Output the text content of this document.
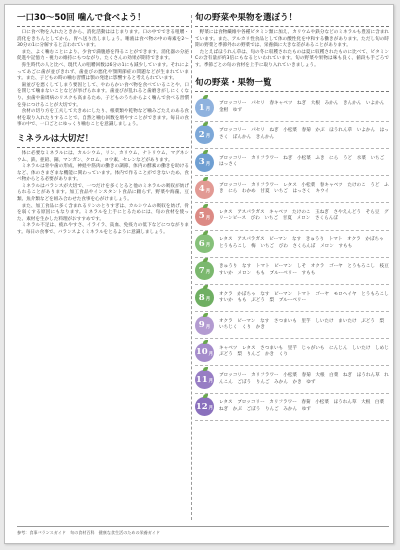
一口30～50回 噛んで食べよう！

口に食べ物を入れたときから、消化活動ははじまります。口の中でできる咀嚼・消化をきちんとしてから、胃へ送り出しましょう。唾液は食べ物の中の毒素を2～30分の1に分解すると言われています。

また、よく噛むことにより、少食で満腹感を得ることができます。消化器の分泌促進や記憶力・視力の維持にもつながり、たくさんの効果が期待できます。

弥生時代の人と比べ、現代人の咀嚼回数は6分の1にも減少しています。それによってあごに歯が並びきれず、歯並びの悪化や顎関節症の問題などが生まれています。また、子どもの時の噛む習慣は顎の発達に影響すると考えられています。

歯並びを悪くしてしまう要因として、やわらかい食べ物を食べていることや、口を閉じて噛まないことなどが挙げられます。歯並びが乱れると歯磨きがしにくくなり、虫歯や歯周病のリスクも高まるため、子どものうちからよく噛んで食べる習慣を身につけることが大切です。

食材の切り方を工夫して大きめにしたり、根菜類や乾物など噛みごたえのある食材を取り入れたりすることで、自然と噛む回数を増やすことができます。毎日の食事の中で、一口ごとにゆっくり噛むことを意識しましょう。

ミネラルは大切だ！

体に必要なミネラルには、カルシウム、リン、カリウム、ナトリウム、マグネシウム、鉄、亜鉛、銅、マンガン、クロム、ヨウ素、セレンなどがあります。

ミネラルは骨や歯の形成、神経や筋肉の働きの調節、体内の酵素の働きを助けるなど、体のさまざまな機能に関わっています。体内で作ることができないため、食べ物からとる必要があります。

ミネラルはバランスが大切で、一つだけを多くとると他のミネラルの吸収が妨げられることがあります。加工食品やインスタント食品に頼らず、野菜や海藻、豆類、魚介類などを組み合わせた食事を心がけましょう。

また、加工食品に多く含まれるリンのとりすぎは、カルシウムの吸収を妨げ、骨を弱くする原因にもなります。ミネラルを上手にとるためには、旬の食材を使った、素材を生かした料理がおすすめです。

ミネラル不足は、疲れやすさ、イライラ、貧血、免疫力の低下などにつながります。毎日の食事で、バランスよくミネラルをとるように意識しましょう。

旬の野菜や果物を選ぼう！

野菜には食物繊維や各種ビタミン類に加え、カリウムや鉄分などのミネラルも豊富に含まれています。また、アルカリ性食品として体の酸性化を中和する働きがあります。ただし旬の時期の野菜と季節外れの野菜では、栄養価に大きな差があることがあります。

たとえばほうれん草は、旬の冬に収穫されたものは夏に収穫されたものに比べて、ビタミンCの含有量が約3倍にもなるといわれています。旬の野菜や果物は味も良く、値段も手ごろです。季節ごとの旬の食材を上手に取り入れていきましょう。

旬の野菜・果物一覧
1 月
ブロッコリー　パセリ　春キャベツ　ねぎ　大根　みかん　きんかん　いよかん　金柑　ゆず
2 月
ブロッコリー　パセリ　ねぎ　小松菜　春菊　かぶ　ほうれん草　いよかん　はっさく　ぽんかん　きんかん
3 月
ブロッコリー　カリフラワー　ねぎ　小松菜　ふき　にら　うど　水菜　いちご　はっさく
4 月
ブロッコリー　カリフラワー　レタス　小松菜　春キャベツ　たけのこ　うど　ふき　にら　わかめ　甘夏　いちご　はっさく　キウイ
5 月
レタス　アスパラガス　キャベツ　たけのこ　玉ねぎ　さやえんどう　そら豆　グリーンピース　びわ　いちご　甘夏　メロン　さくらんぼ
6 月
レタス　アスパラガス　ピーマン　なす　きゅうり　トマト　オクラ　かぼちゃ　とうもろこし　梅　いちご　びわ　さくらんぼ　メロン　すもも
7 月
きゅうり　なす　トマト　ピーマン　しそ　オクラ　ゴーヤ　とうもろこし　枝豆　すいか　メロン　もも　ブルーベリー　すもも
8 月
オクラ　かぼちゃ　なす　ピーマン　トマト　ゴーヤ　モロヘイヤ　とうもろこし　すいか　もも　ぶどう　梨　ブルーベリー
9 月
オクラ　ピーマン　なす　さつまいも　里芋　しいたけ　まいたけ　ぶどう　梨　いちじく　くり　かき
10 月
キャベツ　レタス　さつまいも　里芋　じゃがいも　にんじん　しいたけ　しめじ　ぶどう　梨　りんご　かき　くり
11 月
ブロッコリー　カリフラワー　小松菜　春菊　大根　白菜　ねぎ　ほうれん草　れんこん　ごぼう　りんご　みかん　かき　ゆず
12 月
レタス　ブロッコリー　カリフラワー　春菊　小松菜　ほうれん草　大根　白菜　ねぎ　かぶ　ごぼう　りんご　みかん　ゆず
参考：食事バランスガイド　旬の食材百科　健康な食生活のための栄養ガイド
